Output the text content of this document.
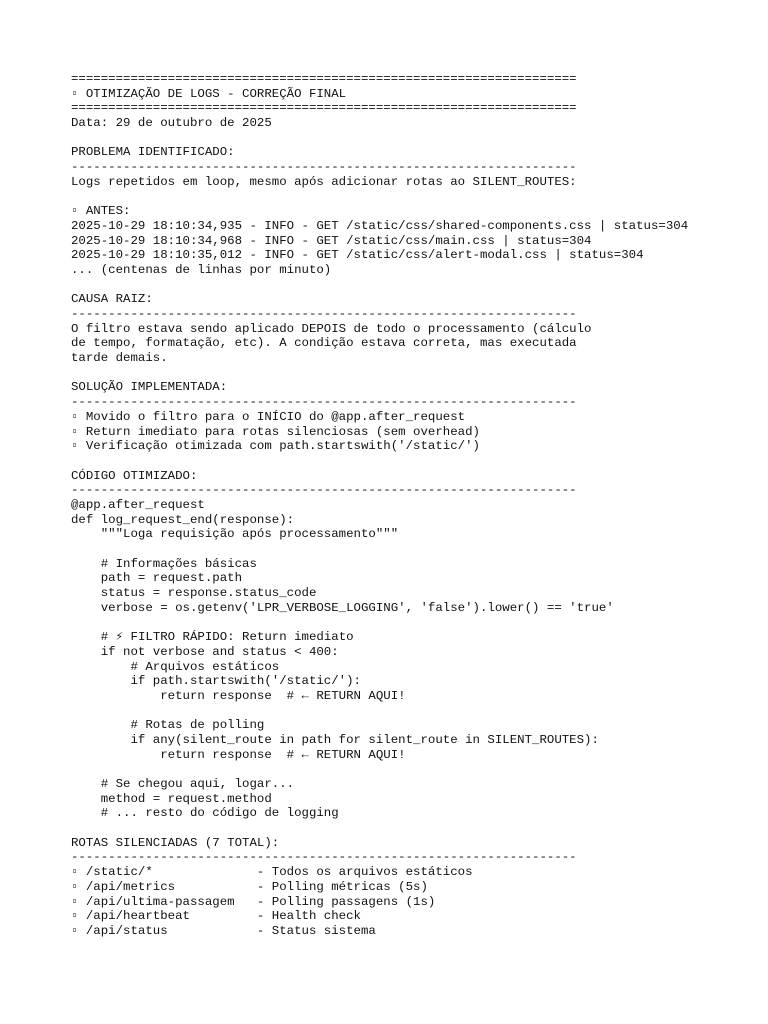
====================================================================
▫ OTIMIZAÇÃO DE LOGS - CORREÇÃO FINAL
====================================================================
Data: 29 de outubro de 2025
PROBLEMA IDENTIFICADO:
--------------------------------------------------------------------
Logs repetidos em loop, mesmo após adicionar rotas ao SILENT_ROUTES:
▫ ANTES:
2025-10-29 18:10:34,935 - INFO - GET /static/css/shared-components.css | status=304
2025-10-29 18:10:34,968 - INFO - GET /static/css/main.css | status=304
2025-10-29 18:10:35,012 - INFO - GET /static/css/alert-modal.css | status=304
... (centenas de linhas por minuto)
CAUSA RAIZ:
--------------------------------------------------------------------
O filtro estava sendo aplicado DEPOIS de todo o processamento (cálculo
de tempo, formatação, etc). A condição estava correta, mas executada
tarde demais.
SOLUÇÃO IMPLEMENTADA:
--------------------------------------------------------------------
▫ Movido o filtro para o INÍCIO do @app.after_request
▫ Return imediato para rotas silenciosas (sem overhead)
▫ Verificação otimizada com path.startswith('/static/')
CÓDIGO OTIMIZADO:
--------------------------------------------------------------------
@app.after_request
def log_request_end(response):
"""Loga requisição após processamento"""
# Informações básicas
path = request.path
status = response.status_code
verbose = os.getenv('LPR_VERBOSE_LOGGING', 'false').lower() == 'true'
# ⚡ FILTRO RÁPIDO: Return imediato
if not verbose and status < 400:
# Arquivos estáticos
if path.startswith('/static/'):
return response  # ← RETURN AQUI!
# Rotas de polling
if any(silent_route in path for silent_route in SILENT_ROUTES):
return response  # ← RETURN AQUI!
# Se chegou aqui, logar...
method = request.method
# ... resto do código de logging
ROTAS SILENCIADAS (7 TOTAL):
--------------------------------------------------------------------
▫ /static/*              - Todos os arquivos estáticos
▫ /api/metrics           - Polling métricas (5s)
▫ /api/ultima-passagem   - Polling passagens (1s)
▫ /api/heartbeat         - Health check
▫ /api/status            - Status sistema
